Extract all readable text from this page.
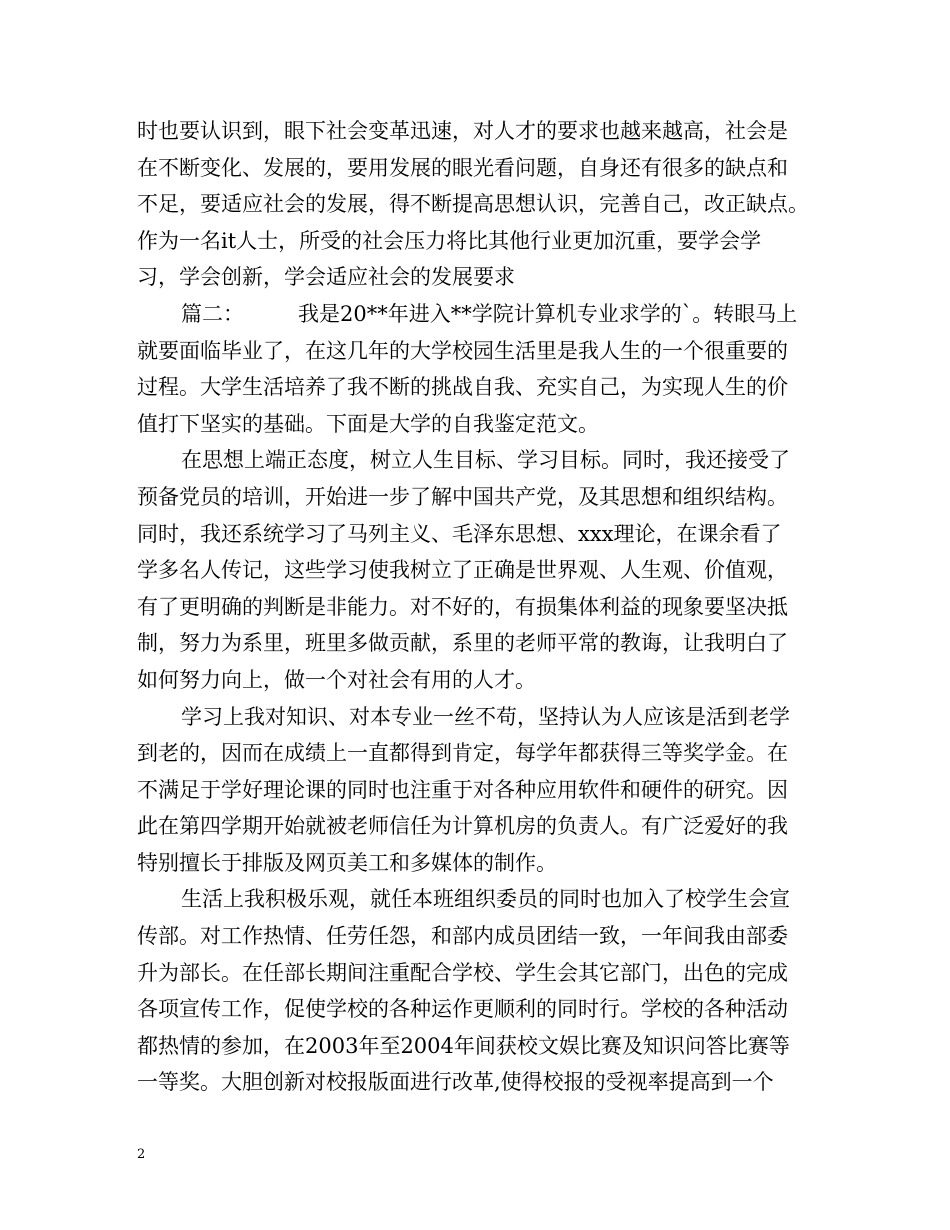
时也要认识到，眼下社会变革迅速，对人才的要求也越来越高，社会是
在不断变化、发展的，要用发展的眼光看问题，自身还有很多的缺点和
不足，要适应社会的发展，得不断提高思想认识，完善自己，改正缺点。
作为一名it人士，所受的社会压力将比其他行业更加沉重，要学会学
习，学会创新，学会适应社会的发展要求
篇二：	我是20**年进入**学院计算机专业求学的`。转眼马上
就要面临毕业了，在这几年的大学校园生活里是我人生的一个很重要的
过程。大学生活培养了我不断的挑战自我、充实自己，为实现人生的价
值打下坚实的基础。下面是大学的自我鉴定范文。
在思想上端正态度，树立人生目标、学习目标。同时，我还接受了
预备党员的培训，开始进一步了解中国共产党，及其思想和组织结构。
同时，我还系统学习了马列主义、毛泽东思想、xxx理论，在课余看了
学多名人传记，这些学习使我树立了正确是世界观、人生观、价值观，
有了更明确的判断是非能力。对不好的，有损集体利益的现象要坚决抵
制，努力为系里，班里多做贡献，系里的老师平常的教诲，让我明白了
如何努力向上，做一个对社会有用的人才。
学习上我对知识、对本专业一丝不苟，坚持认为人应该是活到老学
到老的，因而在成绩上一直都得到肯定，每学年都获得三等奖学金。在
不满足于学好理论课的同时也注重于对各种应用软件和硬件的研究。因
此在第四学期开始就被老师信任为计算机房的负责人。有广泛爱好的我
特别擅长于排版及网页美工和多媒体的制作。
生活上我积极乐观，就任本班组织委员的同时也加入了校学生会宣
传部。对工作热情、任劳任怨，和部内成员团结一致，一年间我由部委
升为部长。在任部长期间注重配合学校、学生会其它部门，出色的完成
各项宣传工作，促使学校的各种运作更顺利的同时行。学校的各种活动
都热情的参加，在2003年至2004年间获校文娱比赛及知识问答比赛等
一等奖。大胆创新对校报版面进行改革,使得校报的受视率提高到一个
2
